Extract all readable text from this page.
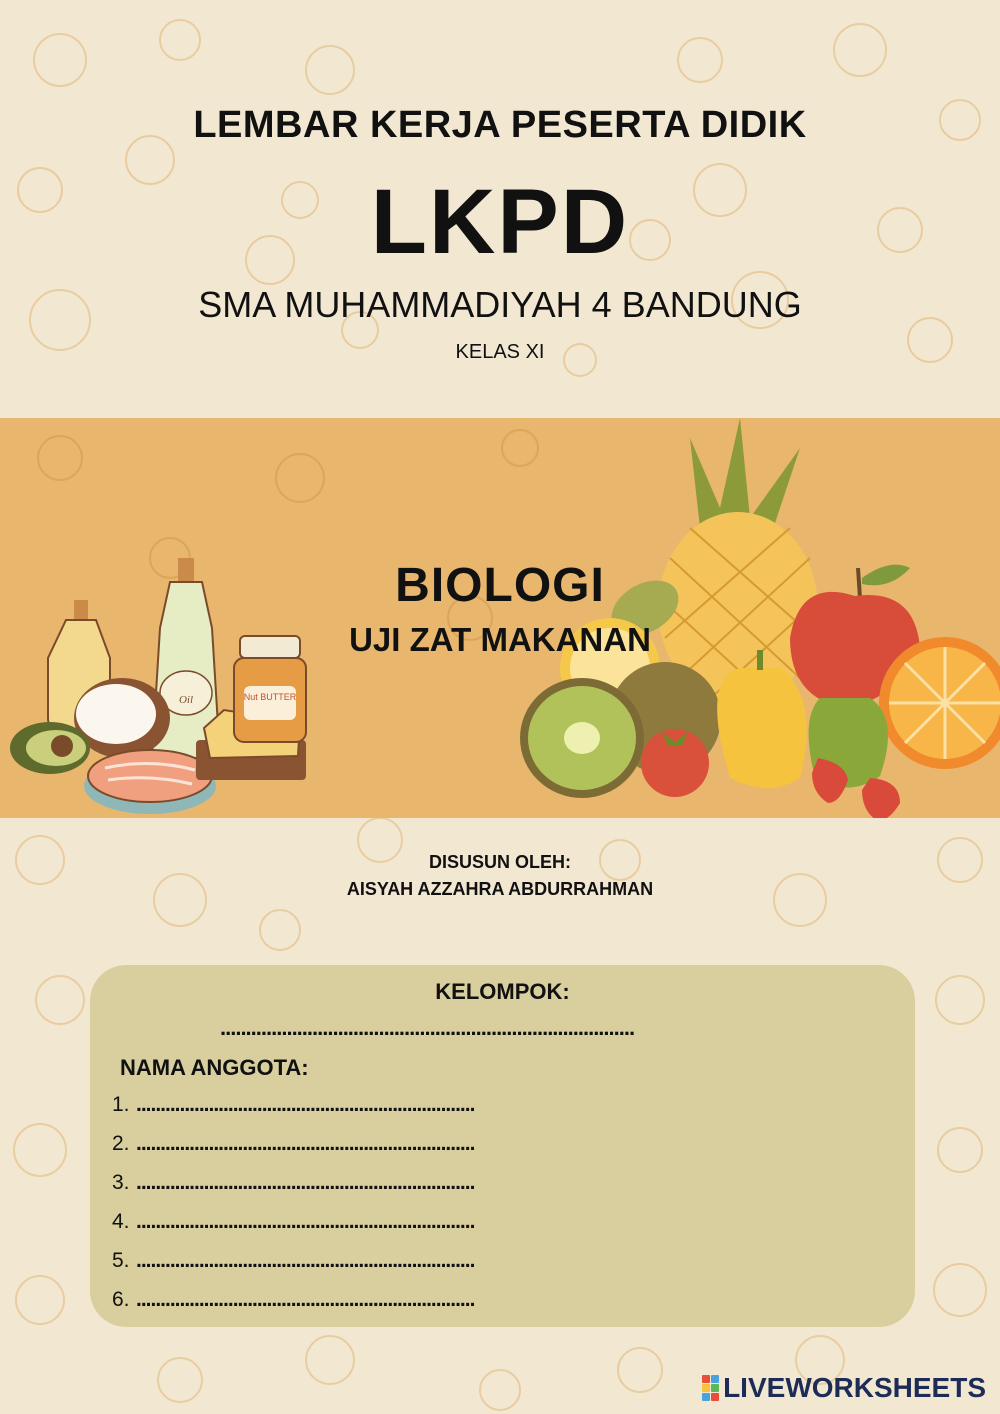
LEMBAR KERJA PESERTA DIDIK
LKPD
SMA MUHAMMADIYAH 4 BANDUNG
KELAS XI
Oil	Nut BUTTER
BIOLOGI
UJI ZAT MAKANAN
DISUSUN OLEH:
AISYAH AZZAHRA ABDURRAHMAN
KELOMPOK:
.................................................................................
NAMA ANGGOTA:
1. ......................................................................
2. ......................................................................
3. ......................................................................
4. ......................................................................
5. ......................................................................
6. ......................................................................
LIVEWORKSHEETS
